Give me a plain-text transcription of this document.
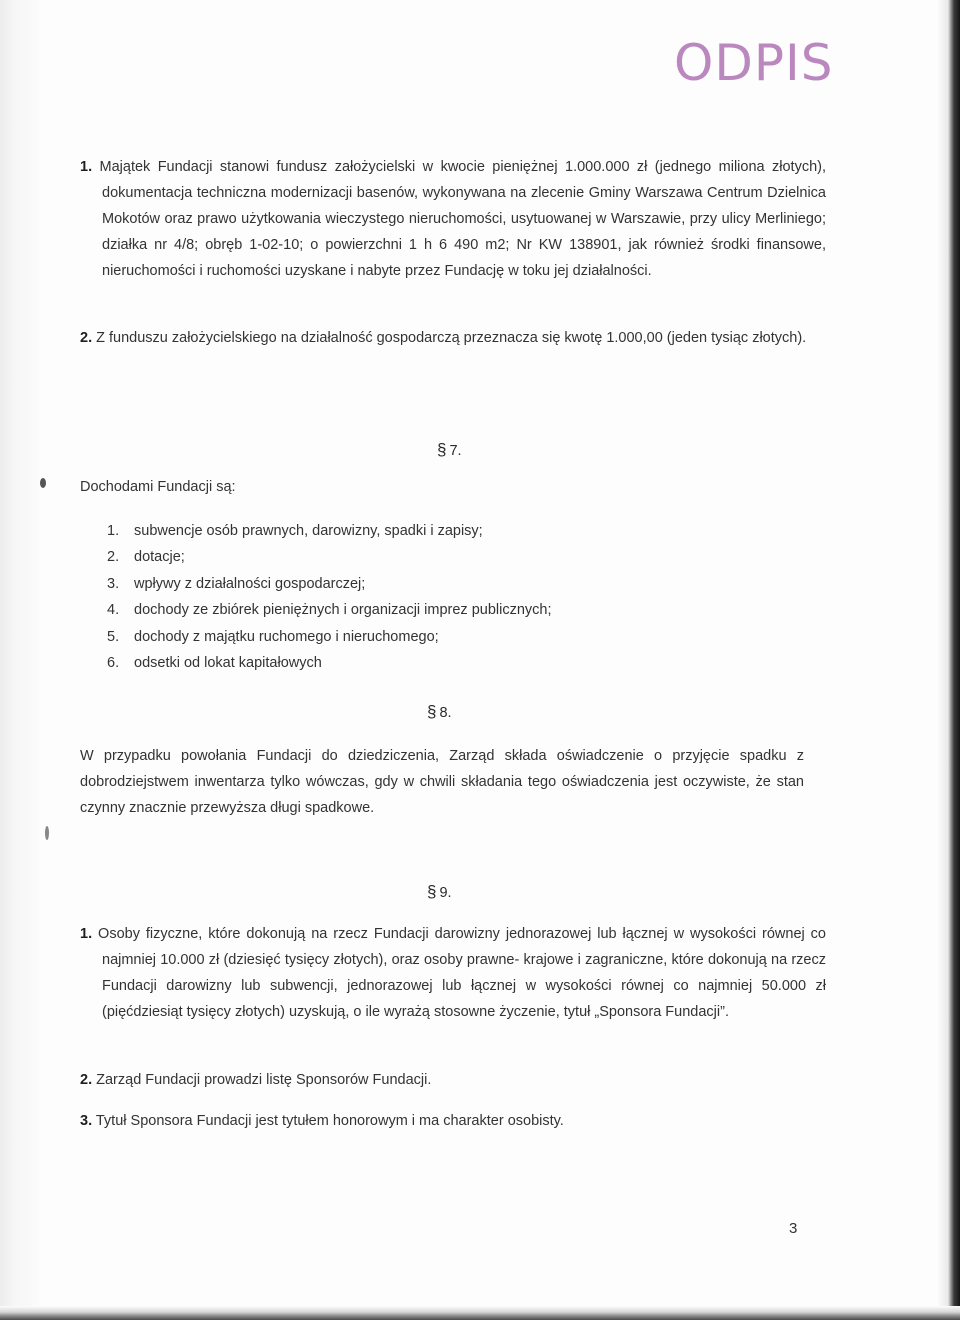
ODPIS
1. Majątek Fundacji stanowi fundusz założycielski w kwocie pieniężnej 1.000.000 zł (jednego miliona złotych), dokumentacja techniczna modernizacji basenów, wykonywana na zlecenie Gminy Warszawa Centrum Dzielnica Mokotów oraz prawo użytkowania wieczystego nieruchomości, usytuowanej w Warszawie, przy ulicy Merliniego; działka nr 4/8; obręb 1-02-10; o powierzchni 1 h 6 490 m2; Nr KW 138901, jak również środki finansowe, nieruchomości i ruchomości uzyskane i nabyte przez Fundację w toku jej działalności.
2. Z funduszu założycielskiego na działalność gospodarczą przeznacza się kwotę 1.000,00 (jeden tysiąc złotych).
§ 7.
Dochodami Fundacji są:
1. subwencje osób prawnych, darowizny, spadki i zapisy;
2. dotacje;
3. wpływy z działalności gospodarczej;
4. dochody ze zbiórek pieniężnych i organizacji imprez publicznych;
5. dochody z majątku ruchomego i nieruchomego;
6. odsetki od lokat kapitałowych
§ 8.
W przypadku powołania Fundacji do dziedziczenia, Zarząd składa oświadczenie o przyjęcie spadku z dobrodziejstwem inwentarza tylko wówczas, gdy w chwili składania tego oświadczenia jest oczywiste, że stan czynny znacznie przewyższa długi spadkowe.
§ 9.
1. Osoby fizyczne, które dokonują na rzecz Fundacji darowizny jednorazowej lub łącznej w wysokości równej co najmniej 10.000 zł (dziesięć tysięcy złotych), oraz osoby prawne- krajowe i zagraniczne, które dokonują na rzecz Fundacji darowizny lub subwencji, jednorazowej lub łącznej w wysokości równej co najmniej 50.000 zł (pięćdziesiąt tysięcy złotych) uzyskują, o ile wyrażą stosowne życzenie, tytuł „Sponsora Fundacji”.
2. Zarząd Fundacji prowadzi listę Sponsorów Fundacji.
3. Tytuł Sponsora Fundacji jest tytułem honorowym i ma charakter osobisty.
3
